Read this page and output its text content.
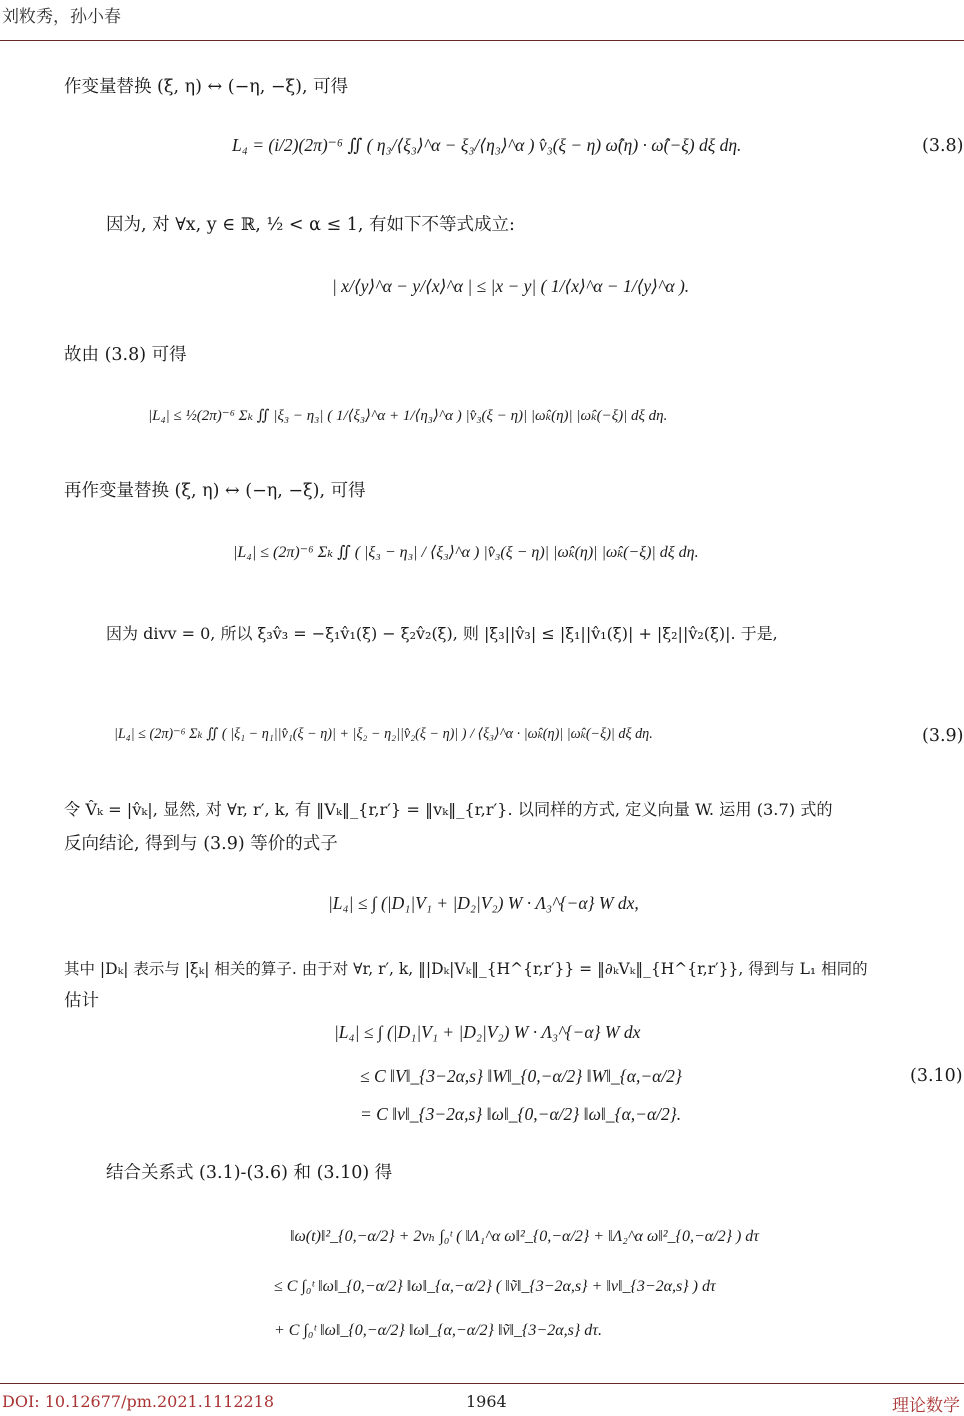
刘敉秀，孙小春
作变量替换 (ξ, η) ↔ (−η, −ξ), 可得
L₄ = (i/2)(2π)⁻⁶ ∬ ( η₃/⟨ξ₃⟩^α − ξ₃/⟨η₃⟩^α ) v̂₃(ξ − η) ω̂(η) · ω̂(−ξ) dξ dη.	(3.8)
因为, 对 ∀x, y ∈ ℝ, ½ < α ≤ 1, 有如下不等式成立:
| x/⟨y⟩^α − y/⟨x⟩^α | ≤ |x − y| ( 1/⟨x⟩^α − 1/⟨y⟩^α ).
故由 (3.8) 可得
|L₄| ≤ ½(2π)⁻⁶ Σₖ ∬ |ξ₃ − η₃| ( 1/⟨ξ₃⟩^α + 1/⟨η₃⟩^α ) |v̂₃(ξ − η)| |ω̂ₖ(η)| |ω̂ₖ(−ξ)| dξ dη.
再作变量替换 (ξ, η) ↔ (−η, −ξ), 可得
|L₄| ≤ (2π)⁻⁶ Σₖ ∬ ( |ξ₃ − η₃| / ⟨ξ₃⟩^α ) |v̂₃(ξ − η)| |ω̂ₖ(η)| |ω̂ₖ(−ξ)| dξ dη.
因为 divv = 0, 所以 ξ₃v̂₃ = −ξ₁v̂₁(ξ) − ξ₂v̂₂(ξ), 则 |ξ₃||v̂₃| ≤ |ξ₁||v̂₁(ξ)| + |ξ₂||v̂₂(ξ)|. 于是,
|L₄| ≤ (2π)⁻⁶ Σₖ ∬ ( |ξ₁ − η₁||v̂₁(ξ − η)| + |ξ₂ − η₂||v̂₂(ξ − η)| ) / ⟨ξ₃⟩^α · |ω̂ₖ(η)| |ω̂ₖ(−ξ)| dξ dη.	(3.9)
令 V̂ₖ = |v̂ₖ|, 显然, 对 ∀r, r′, k, 有 ‖Vₖ‖_{r,r′} = ‖vₖ‖_{r,r′}. 以同样的方式, 定义向量 W. 运用 (3.7) 式的
反向结论, 得到与 (3.9) 等价的式子
|L₄| ≤ ∫ (|D₁|V₁ + |D₂|V₂) W · Λ₃^{−α} W dx,
其中 |Dₖ| 表示与 |ξₖ| 相关的算子. 由于对 ∀r, r′, k, ‖|Dₖ|Vₖ‖_{H^{r,r′}} = ‖∂ₖVₖ‖_{H^{r,r′}}, 得到与 L₁ 相同的
估计
|L₄| ≤ ∫ (|D₁|V₁ + |D₂|V₂) W · Λ₃^{−α} W dx
≤ C ‖V‖_{3−2α,s} ‖W‖_{0,−α/2} ‖W‖_{α,−α/2}
= C ‖v‖_{3−2α,s} ‖ω‖_{0,−α/2} ‖ω‖_{α,−α/2}.
(3.10)
结合关系式 (3.1)-(3.6) 和 (3.10) 得
‖ω(t)‖²_{0,−α/2} + 2νₕ ∫₀ᵗ ( ‖Λ₁^α ω‖²_{0,−α/2} + ‖Λ₂^α ω‖²_{0,−α/2} ) dτ
≤ C ∫₀ᵗ ‖ω‖_{0,−α/2} ‖ω‖_{α,−α/2} ( ‖ṽ‖_{3−2α,s} + ‖v‖_{3−2α,s} ) dτ
+ C ∫₀ᵗ ‖ω‖_{0,−α/2} ‖ω‖_{α,−α/2} ‖ṽ‖_{3−2α,s} dτ.
DOI: 10.12677/pm.2021.1112218	1964	理论数学
